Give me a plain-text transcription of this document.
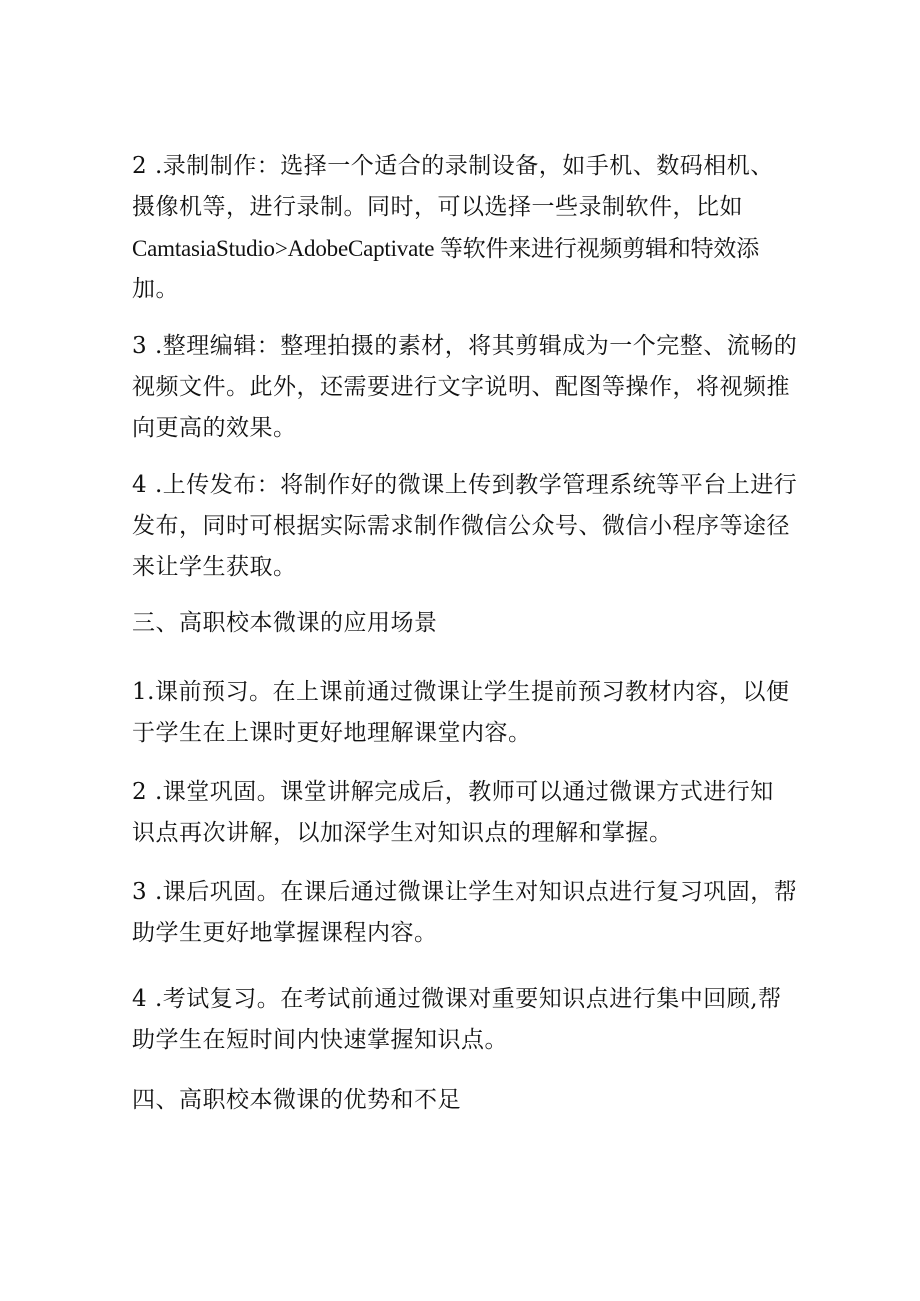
2 .录制制作：选择一个适合的录制设备，如手机、数码相机、
摄像机等，进行录制。同时，可以选择一些录制软件，比如
CamtasiaStudio>AdobeCaptivate 等软件来进行视频剪辑和特效添
加。

3 .整理编辑：整理拍摄的素材，将其剪辑成为一个完整、流畅的
视频文件。此外，还需要进行文字说明、配图等操作，将视频推
向更高的效果。

4 .上传发布：将制作好的微课上传到教学管理系统等平台上进行
发布，同时可根据实际需求制作微信公众号、微信小程序等途径
来让学生获取。

三、高职校本微课的应用场景

1.课前预习。在上课前通过微课让学生提前预习教材内容，以便
于学生在上课时更好地理解课堂内容。

2 .课堂巩固。课堂讲解完成后，教师可以通过微课方式进行知
识点再次讲解，以加深学生对知识点的理解和掌握。

3 .课后巩固。在课后通过微课让学生对知识点进行复习巩固，帮
助学生更好地掌握课程内容。

4 .考试复习。在考试前通过微课对重要知识点进行集中回顾,帮
助学生在短时间内快速掌握知识点。

四、高职校本微课的优势和不足
